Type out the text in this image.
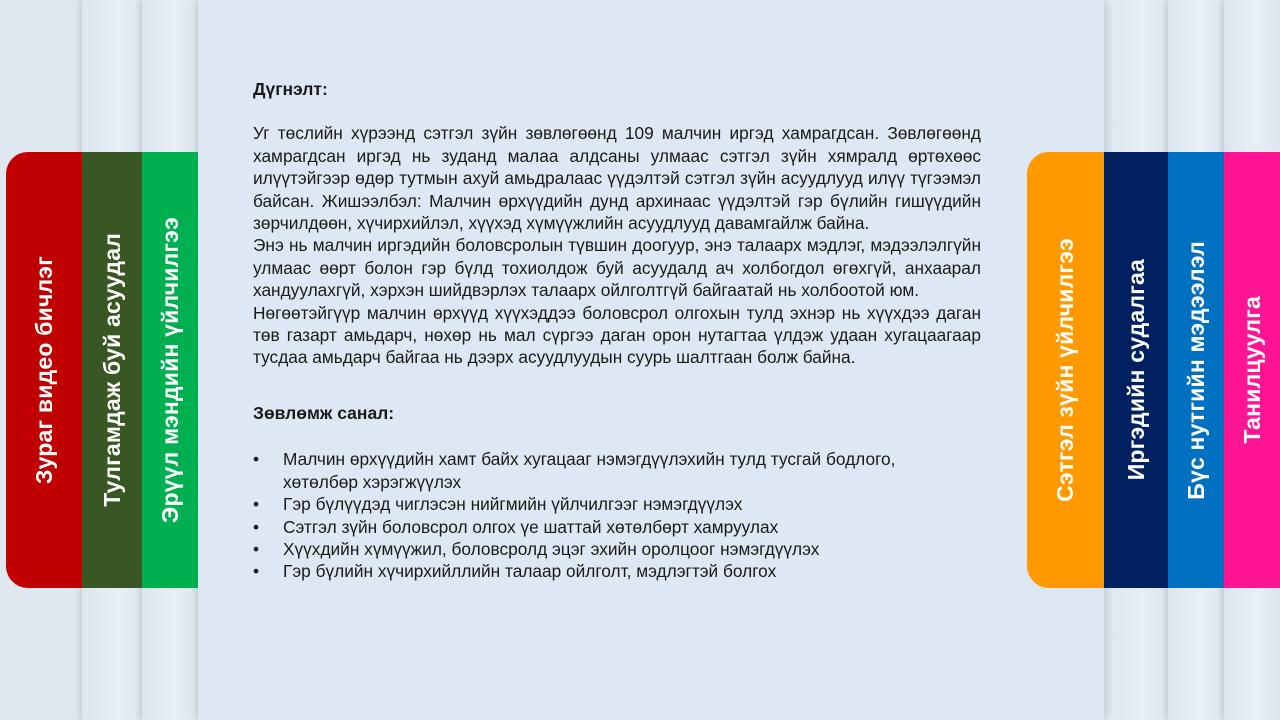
Зураг видео бичлэг Тулгамдаж буй асуудал Эрүүл мэндийн үйлчилгээ	Сэтгэл зүйн үйлчилгээ Иргэдийн судалгаа Бүс нутгийн мэдээлэл Танилцуулга

Дүгнэлт:

Уг төслийн хүрээнд сэтгэл зүйн зөвлөгөөнд 109 малчин иргэд хамрагдсан. Зөвлөгөөнд хамрагдсан иргэд нь зуданд малаа алдсаны улмаас сэтгэл зүйн хямралд өртөхөөс илүүтэйгээр өдөр тутмын ахуй амьдралаас үүдэлтэй сэтгэл зүйн асуудлууд илүү түгээмэл байсан. Жишээлбэл: Малчин өрхүүдийн дунд архинаас үүдэлтэй гэр бүлийн гишүүдийн зөрчилдөөн, хүчирхийлэл, хүүхэд хүмүүжлийн асуудлууд давамгайлж байна.

Энэ нь малчин иргэдийн боловсролын түвшин доогуур, энэ талаарх мэдлэг, мэдээлэлгүйн улмаас өөрт болон гэр бүлд тохиолдож буй асуудалд ач холбогдол өгөхгүй, анхаарал хандуулахгүй, хэрхэн шийдвэрлэх талаарх ойлголтгүй байгаатай нь холбоотой юм.

Нөгөөтэйгүүр малчин өрхүүд хүүхэддээ боловсрол олгохын тулд эхнэр нь хүүхдээ даган төв газарт амьдарч, нөхөр нь мал сүргээ даган орон нутагтаа үлдэж удаан хугацаагаар тусдаа амьдарч байгаа нь дээрх асуудлуудын суурь шалтгаан болж байна.

Зөвлөмж санал:

• Малчин өрхүүдийн хамт байх хугацааг нэмэгдүүлэхийн тулд тусгай бодлого, хөтөлбөр хэрэгжүүлэх
• Гэр бүлүүдэд чиглэсэн нийгмийн үйлчилгээг нэмэгдүүлэх
• Сэтгэл зүйн боловсрол олгох үе шаттай хөтөлбөрт хамруулах
• Хүүхдийн хүмүүжил, боловсролд эцэг эхийн оролцоог нэмэгдүүлэх
• Гэр бүлийн хүчирхийллийн талаар ойлголт, мэдлэгтэй болгох
